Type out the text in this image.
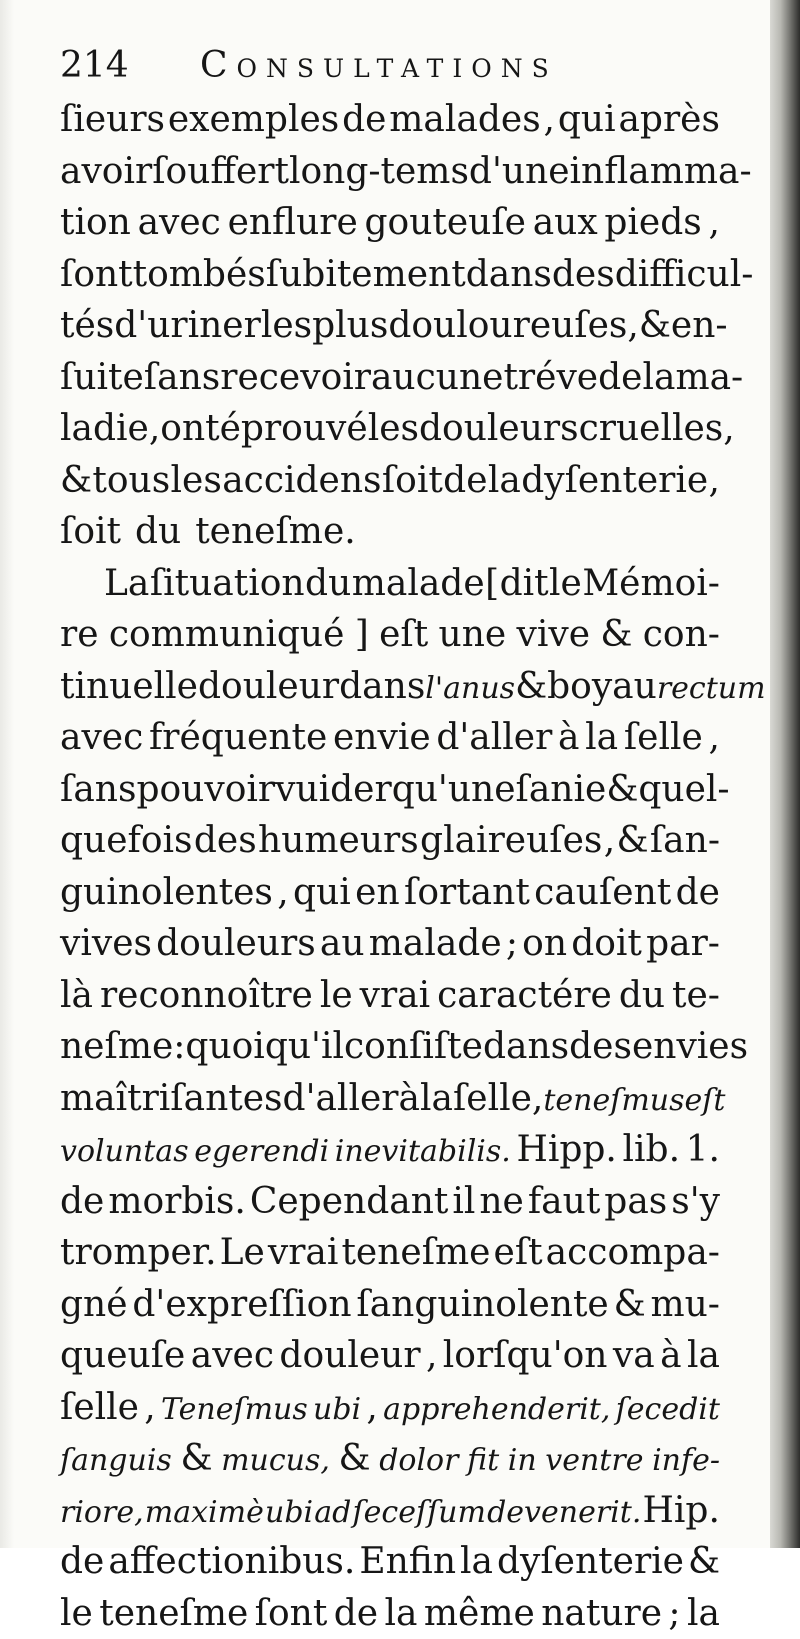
214	Consultations
ſieurs exemples de malades , qui après
avoir ſouffert long-tems d'une inflamma-
tion avec enflure gouteuſe aux pieds ,
ſont tombés ſubitement dans des difficul-
tés d'uriner les plus douloureuſes , & en-
ſuite ſans recevoir aucune tréve de la ma-
ladie , ont éprouvé les douleurs cruelles ,
& tous les accidens ſoit de la dyſenterie ,
ſoit du teneſme.
La ſituation du malade [ dit le Mémoi-
re communiqué ] eſt une vive & con-
tinuelle douleur dans l'anus & boyau rectum
avec fréquente envie d'aller à la ſelle ,
ſans pouvoir vuider qu'une ſanie & quel-
quefois des humeurs glaireuſes , & ſan-
guinolentes , qui en ſortant cauſent de
vives douleurs au malade ; on doit par-
là reconnoître le vrai caractére du te-
neſme : quoiqu'il conſiſte dans des envies
maîtriſantes d'aller à la ſelle , teneſmus eſt
voluntas egerendi inevitabilis. Hipp. lib. 1.
de morbis. Cependant il ne faut pas s'y
tromper. Le vrai teneſme eſt accompa-
gné d'expreſſion ſanguinolente & mu-
queuſe avec douleur , lorſqu'on va à la
ſelle , Teneſmus ubi , apprehenderit, ſecedit
ſanguis & mucus, & dolor fit in ventre infe-
riore, maximè ubi ad ſeceſſum devenerit. Hip.
de affectionibus. Enfin la dyſenterie &
le teneſme ſont de la même nature ; la
